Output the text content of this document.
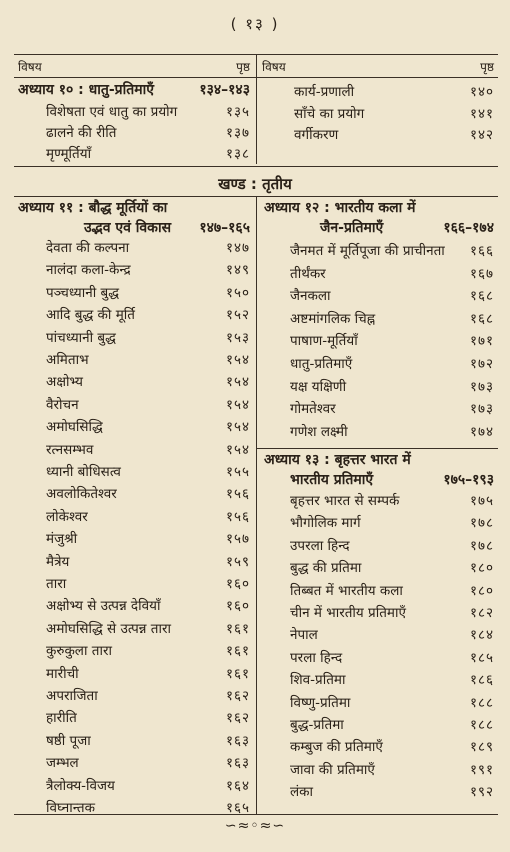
( १३ )
विषय	पृष्ठ विषय	पृष्ठ
अध्याय १० : धातु-प्रतिमाएँ	१३४–१४३
विशेषता एवं धातु का प्रयोग	१३५
ढालने की रीति	१३७
मृण्मूर्तियाँ	१३८
कार्य-प्रणाली	१४०
साँचे का प्रयोग	१४१
वर्गीकरण	१४२
खण्ड : तृतीय
अध्याय ११ : बौद्ध मूर्तियों का
उद्भव एवं विकास १४७–१६५
देवता की कल्पना	१४७
नालंदा कला-केन्द्र	१४९
पञ्चध्यानी बुद्ध	१५०
आदि बुद्ध की मूर्ति	१५२
पांचध्यानी बुद्ध	१५३
अमिताभ	१५४
अक्षोभ्य	१५४
वैरोचन	१५४
अमोघसिद्धि	१५४
रत्नसम्भव	१५४
ध्यानी बोधिसत्व	१५५
अवलोकितेश्वर	१५६
लोकेश्वर	१५६
मंजुश्री	१५७
मैत्रेय	१५९
तारा	१६०
अक्षोभ्य से उत्पन्न देवियाँ	१६०
अमोघसिद्धि से उत्पन्न तारा	१६१
कुरुकुला तारा	१६१
मारीची	१६१
अपराजिता	१६२
हारीति	१६२
षष्ठी पूजा	१६३
जम्भल	१६३
त्रैलोक्य-विजय	१६४
विघ्नान्तक	१६५
अध्याय १२ : भारतीय कला में
जैन-प्रतिमाएँ	१६६–१७४
जैनमत में मूर्तिपूजा की प्राचीनता १६६
तीर्थंकर	१६७
जैनकला	१६८
अष्टमांगलिक चिह्न	१६८
पाषाण-मूर्तियाँ	१७१
धातु-प्रतिमाएँ	१७२
यक्ष यक्षिणी	१७३
गोमतेश्वर	१७३
गणेश लक्ष्मी	१७४
अध्याय १३ : बृहत्तर भारत में
भारतीय प्रतिमाएँ	१७५–१९३
बृहत्तर भारत से सम्पर्क	१७५
भौगोलिक मार्ग	१७८
उपरला हिन्द	१७८
बुद्ध की प्रतिमा	१८०
तिब्बत में भारतीय कला	१८०
चीन में भारतीय प्रतिमाएँ	१८२
नेपाल	१८४
परला हिन्द	१८५
शिव-प्रतिमा	१८६
विष्णु-प्रतिमा	१८८
बुद्ध-प्रतिमा	१८८
कम्बुज की प्रतिमाएँ	१८९
जावा की प्रतिमाएँ	१९१
लंका	१९२
∽≈◦≈∽
